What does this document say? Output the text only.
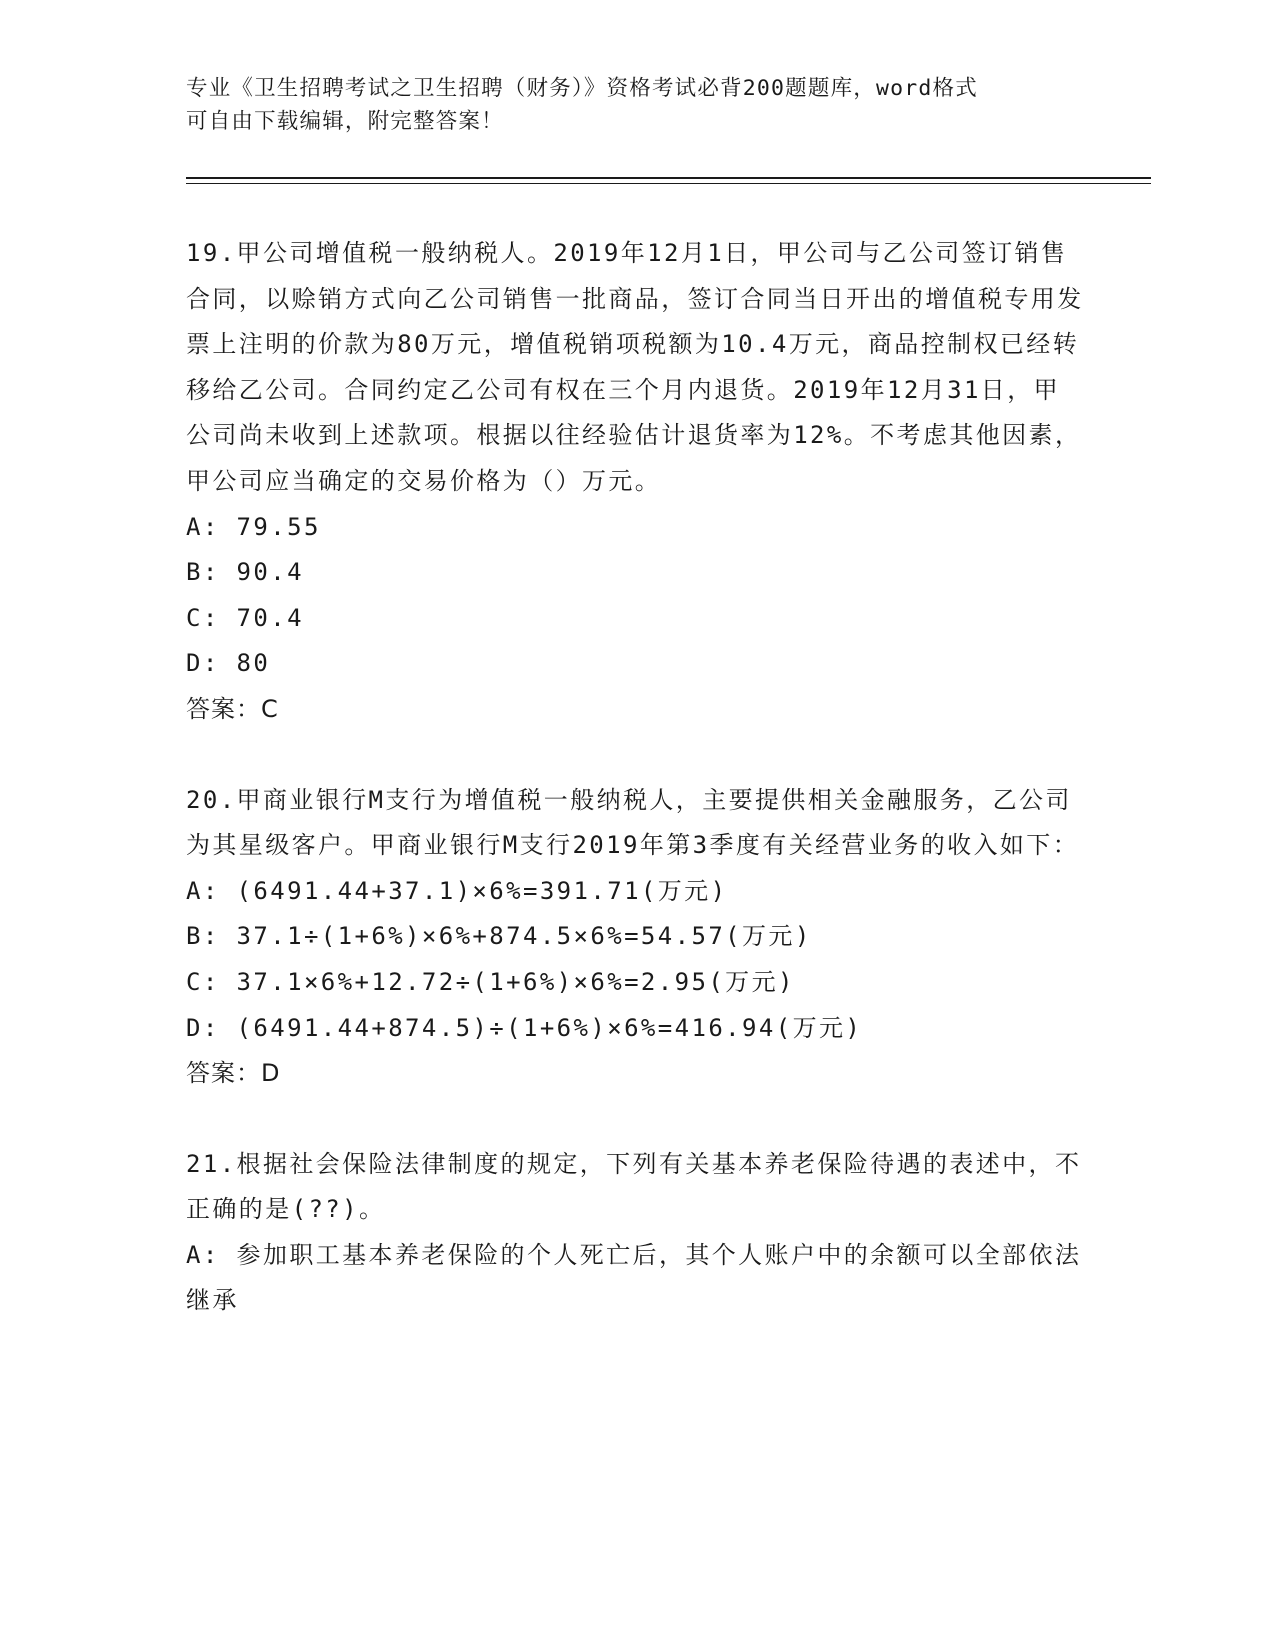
专业《卫生招聘考试之卫生招聘（财务）》资格考试必背200题题库，word格式
可自由下载编辑，附完整答案！
19.甲公司增值税一般纳税人。2019年12月1日，甲公司与乙公司签订销售合同，以赊销方式向乙公司销售一批商品，签订合同当日开出的增值税专用发票上注明的价款为80万元，增值税销项税额为10.4万元，商品控制权已经转移给乙公司。合同约定乙公司有权在三个月内退货。2019年12月31日，甲公司尚未收到上述款项。根据以往经验估计退货率为12%。不考虑其他因素，甲公司应当确定的交易价格为（）万元。
A: 79.55
B: 90.4
C: 70.4
D: 80
答案：C
20.甲商业银行M支行为增值税一般纳税人，主要提供相关金融服务，乙公司为其星级客户。甲商业银行M支行2019年第3季度有关经营业务的收入如下：
A: (6491.44+37.1)×6%=391.71(万元)
B: 37.1÷(1+6%)×6%+874.5×6%=54.57(万元)
C: 37.1×6%+12.72÷(1+6%)×6%=2.95(万元)
D: (6491.44+874.5)÷(1+6%)×6%=416.94(万元)
答案：D
21.根据社会保险法律制度的规定，下列有关基本养老保险待遇的表述中，不正确的是(??)。
A: 参加职工基本养老保险的个人死亡后，其个人账户中的余额可以全部依法继承
